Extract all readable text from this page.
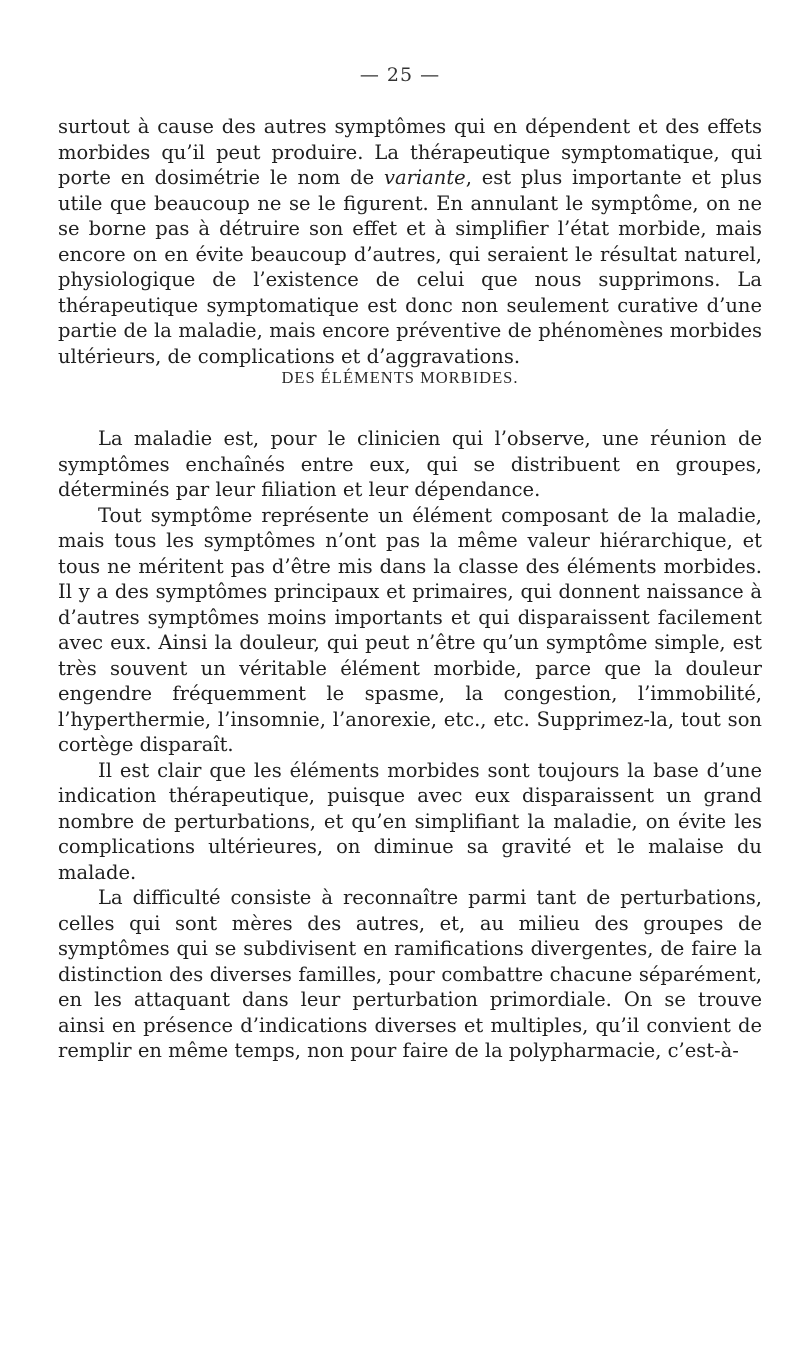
— 25 —

surtout à cause des autres symptômes qui en dépendent et des effets morbides qu’il peut produire. La thérapeutique symptomatique, qui porte en dosimétrie le nom de variante, est plus importante et plus utile que beaucoup ne se le figurent. En annulant le symptôme, on ne se borne pas à détruire son effet et à simplifier l’état morbide, mais encore on en évite beaucoup d’autres, qui seraient le résultat naturel, physiologique de l’existence de celui que nous supprimons. La thérapeutique symptomatique est donc non seulement curative d’une partie de la maladie, mais encore préventive de phénomènes morbides ultérieurs, de complications et d’aggravations.

DES ÉLÉMENTS MORBIDES.

La maladie est, pour le clinicien qui l’observe, une réunion de symptômes enchaînés entre eux, qui se distribuent en groupes, déterminés par leur filiation et leur dépendance.

Tout symptôme représente un élément composant de la maladie, mais tous les symptômes n’ont pas la même valeur hiérarchique, et tous ne méritent pas d’être mis dans la classe des éléments morbides. Il y a des symptômes principaux et primaires, qui donnent naissance à d’autres symptômes moins importants et qui disparaissent facilement avec eux. Ainsi la douleur, qui peut n’être qu’un symptôme simple, est très souvent un véritable élément morbide, parce que la douleur engendre fréquemment le spasme, la congestion, l’immobilité, l’hyperthermie, l’insomnie, l’anorexie, etc., etc. Supprimez-la, tout son cortège disparaît.

Il est clair que les éléments morbides sont toujours la base d’une indication thérapeutique, puisque avec eux disparaissent un grand nombre de perturbations, et qu’en simplifiant la maladie, on évite les complications ultérieures, on diminue sa gravité et le malaise du malade.

La difficulté consiste à reconnaître parmi tant de perturbations, celles qui sont mères des autres, et, au milieu des groupes de symptômes qui se subdivisent en ramifications divergentes, de faire la distinction des diverses familles, pour combattre chacune séparément, en les attaquant dans leur perturbation primordiale. On se trouve ainsi en présence d’indications diverses et multiples, qu’il convient de remplir en même temps, non pour faire de la polypharmacie, c’est-à-
